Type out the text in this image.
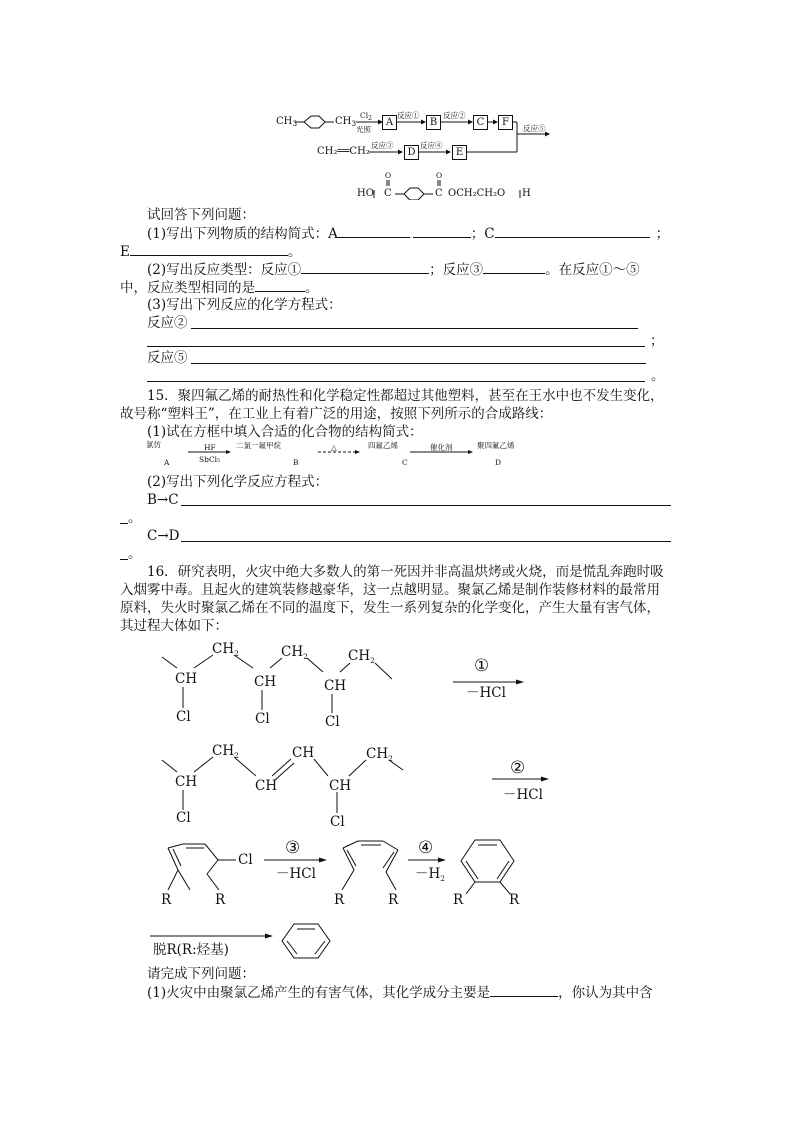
$CH_3$	$CH_3$
$Cl_2$
光照
A	B	C	F
D	E
反应①	反应②
反应⑤
反应③	反应④
CH₂══CH₂
O	O
HO C	C OCH₂CH₂O H
试回答下列问题：
(1)写出下列物质的结构简式：A	.	；C	；
E	。
(2)写出反应类型：反应①	；反应③	。在反应①～⑤
中，反应类型相同的是	。
(3)写出下列反应的化学方程式：
反应②
；
反应⑤
。
15．聚四氟乙烯的耐热性和化学稳定性都超过其他塑料，甚至在王水中也不发生变化，
故号称“塑料王”，在工业上有着广泛的用途，按照下列所示的合成路线：
(1)试在方框中填入合适的化合物的结构简式：
氯仿	HF
SbCl₅
二氯一氟甲烷	△	四氟乙烯	催化剂	聚四氟乙烯
A	B	C	D
(2)写出下列化学反应方程式：
B→C
。
C→D
。
16．研究表明，火灾中绝大多数人的第一死因并非高温烘烤或火烧，而是慌乱奔跑时吸
入烟雾中毒。且起火的建筑装修越豪华，这一点越明显。聚氯乙烯是制作装修材料的最常用
原料，失火时聚氯乙烯在不同的温度下，发生一系列复杂的化学变化，产生大量有害气体，
其过程大体如下：
CH
$CH_2$
CH
$CH_2$
CH
$CH_2$
Cl	Cl	Cl
①
－HCl
CH
$CH_2$
CH
CH
CH
$CH_2$
Cl	Cl
②
－HCl
Cl
R	R
③
－HCl
R	R
④
$-H_2$
R	R
脱R(R:烃基)
请完成下列问题：
(1)火灾中由聚氯乙烯产生的有害气体，其化学成分主要是	，你认为其中含
